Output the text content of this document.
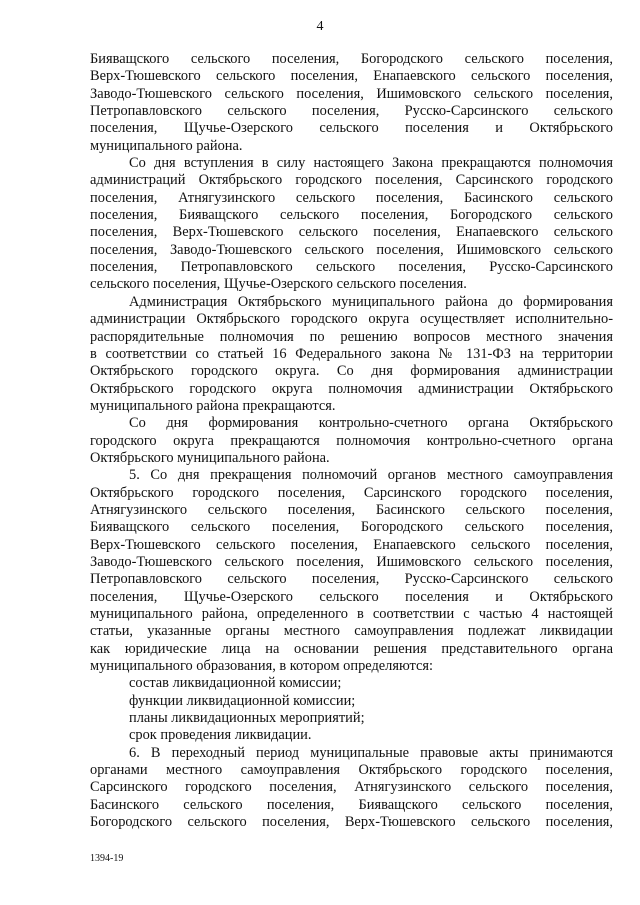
4
Бияващского сельского поселения, Богородского сельского поселения,
Верх-Тюшевского сельского поселения, Енапаевского сельского поселения,
Заводо-Тюшевского сельского поселения, Ишимовского сельского поселения,
Петропавловского сельского поселения, Русско-Сарсинского сельского
поселения, Щучье-Озерского сельского поселения и Октябрьского
муниципального района.
Со дня вступления в силу настоящего Закона прекращаются полномочия
администраций Октябрьского городского поселения, Сарсинского городского
поселения, Атнягузинского сельского поселения, Басинского сельского
поселения, Бияващского сельского поселения, Богородского сельского
поселения, Верх-Тюшевского сельского поселения, Енапаевского сельского
поселения, Заводо-Тюшевского сельского поселения, Ишимовского сельского
поселения, Петропавловского сельского поселения, Русско-Сарсинского
сельского поселения, Щучье-Озерского сельского поселения.
Администрация Октябрьского муниципального района до формирования
администрации Октябрьского городского округа осуществляет исполнительно-
распорядительные полномочия по решению вопросов местного значения
в соответствии со статьей 16 Федерального закона № 131-ФЗ на территории
Октябрьского городского округа. Со дня формирования администрации
Октябрьского городского округа полномочия администрации Октябрьского
муниципального района прекращаются.
Со дня формирования контрольно-счетного органа Октябрьского
городского округа прекращаются полномочия контрольно-счетного органа
Октябрьского муниципального района.
5. Со дня прекращения полномочий органов местного самоуправления
Октябрьского городского поселения, Сарсинского городского поселения,
Атнягузинского сельского поселения, Басинского сельского поселения,
Бияващского сельского поселения, Богородского сельского поселения,
Верх-Тюшевского сельского поселения, Енапаевского сельского поселения,
Заводо-Тюшевского сельского поселения, Ишимовского сельского поселения,
Петропавловского сельского поселения, Русско-Сарсинского сельского
поселения, Щучье-Озерского сельского поселения и Октябрьского
муниципального района, определенного в соответствии с частью 4 настоящей
статьи, указанные органы местного самоуправления подлежат ликвидации
как юридические лица на основании решения представительного органа
муниципального образования, в котором определяются:
состав ликвидационной комиссии;
функции ликвидационной комиссии;
планы ликвидационных мероприятий;
срок проведения ликвидации.
6. В переходный период муниципальные правовые акты принимаются
органами местного самоуправления Октябрьского городского поселения,
Сарсинского городского поселения, Атнягузинского сельского поселения,
Басинского сельского поселения, Бияващского сельского поселения,
Богородского сельского поселения, Верх-Тюшевского сельского поселения,
1394-19
